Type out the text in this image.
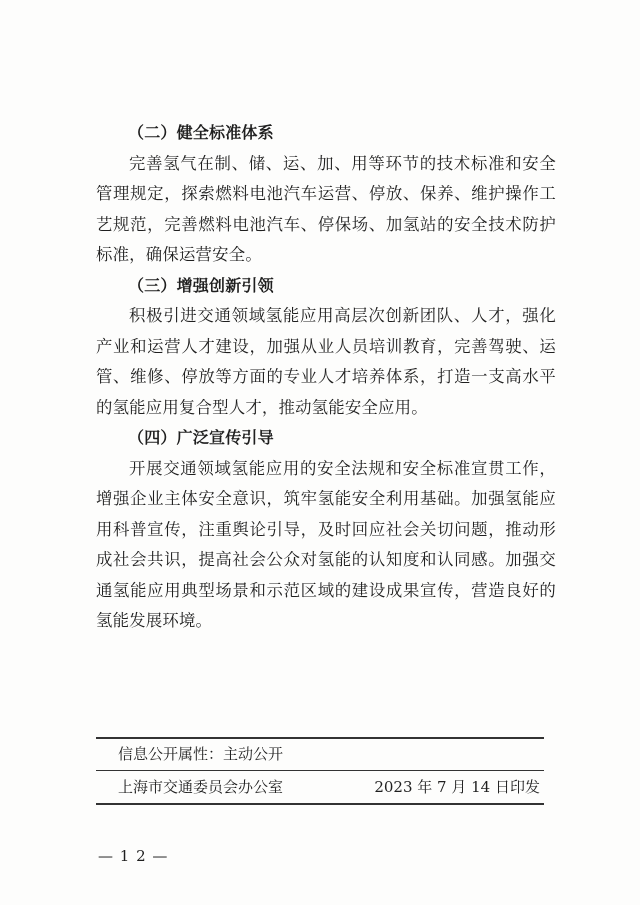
（二）健全标准体系

完善氢气在制、储、运、加、用等环节的技术标准和安全管理规定，探索燃料电池汽车运营、停放、保养、维护操作工艺规范，完善燃料电池汽车、停保场、加氢站的安全技术防护标准，确保运营安全。

（三）增强创新引领

积极引进交通领域氢能应用高层次创新团队、人才，强化产业和运营人才建设，加强从业人员培训教育，完善驾驶、运管、维修、停放等方面的专业人才培养体系，打造一支高水平的氢能应用复合型人才，推动氢能安全应用。

（四）广泛宣传引导

开展交通领域氢能应用的安全法规和安全标准宣贯工作，增强企业主体安全意识，筑牢氢能安全利用基础。加强氢能应用科普宣传，注重舆论引导，及时回应社会关切问题，推动形成社会共识，提高社会公众对氢能的认知度和认同感。加强交通氢能应用典型场景和示范区域的建设成果宣传，营造良好的氢能发展环境。

信息公开属性：主动公开
上海市交通委员会办公室	2023 年 7 月 14 日印发
— 1 2 —
